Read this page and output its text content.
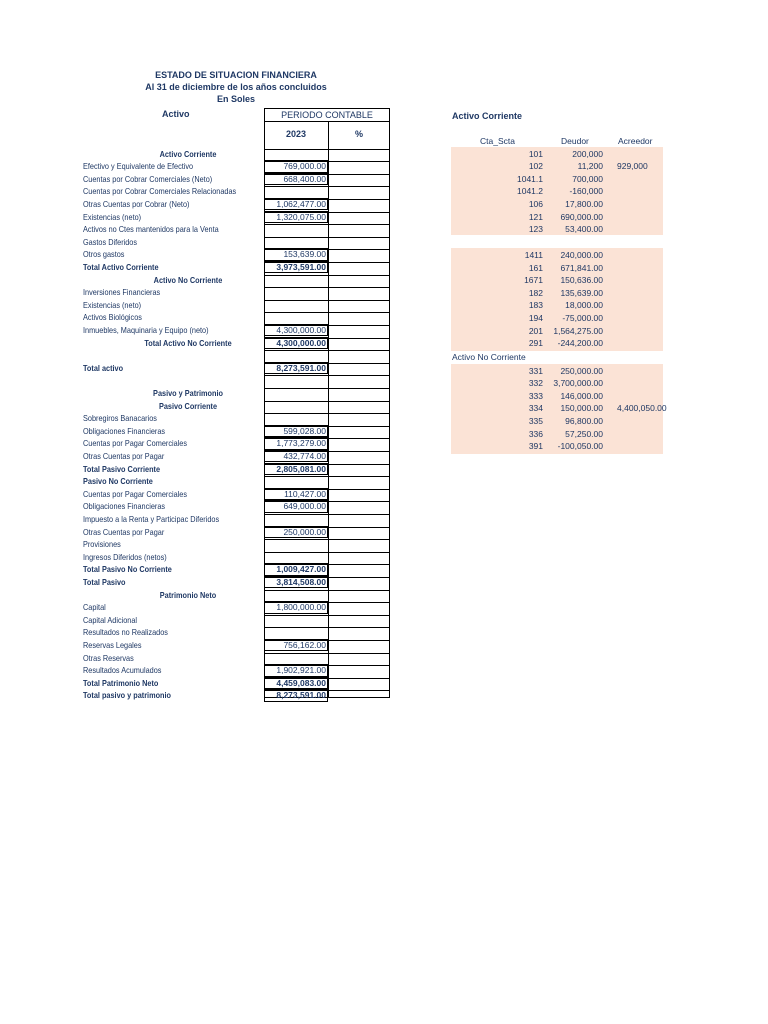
ESTADO DE SITUACION FINANCIERA
Al 31 de diciembre de los años concluidos
En Soles
Activo	PERIODO CONTABLE
2023	%
Activo Corriente
Efectivo y Equivalente de Efectivo	769,000.00
Cuentas por Cobrar Comerciales (Neto)	668,400.00
Cuentas por Cobrar Comerciales Relacionadas
Otras Cuentas por Cobrar (Neto)	1,062,477.00
Existencias (neto)	1,320,075.00
Activos no Ctes mantenidos para la Venta
Gastos Diferidos
Otros gastos	153,639.00
Total Activo Corriente	3,973,591.00
Activo No Corriente
Inversiones Financieras
Existencias (neto)
Activos Biológicos
Inmuebles, Maquinaria y Equipo (neto)	4,300,000.00
Total Activo No Corriente	4,300,000.00
Total activo	8,273,591.00
Pasivo y Patrimonio
Pasivo Corriente
Sobregiros Banacarios
Obligaciones Financieras	599,028.00
Cuentas por Pagar Comerciales	1,773,279.00
Otras Cuentas por Pagar	432,774.00
Total Pasivo Corriente	2,805,081.00
Pasivo No Corriente
Cuentas por Pagar Comerciales	110,427.00
Obligaciones Financieras	649,000.00
Impuesto a la Renta y Participac Diferidos
Otras Cuentas por Pagar	250,000.00
Provisiones
Ingresos Diferidos (netos)
Total Pasivo No Corriente	1,009,427.00
Total Pasivo	3,814,508.00
Patrimonio Neto
Capital	1,800,000.00
Capital Adicional
Resultados no Realizados
Reservas Legales	756,162.00
Otras Reservas
Resultados Acumulados	1,902,921.00
Total Patrimonio Neto	4,459,083.00
Total pasivo y patrimonio	8,273,591.00
Activo Corriente
Cta_Scta	Deudor	Acreedor
Activo No Corriente
101	200,000
102	11,200	929,000
1041.1	700,000
1041.2	-160,000
106	17,800.00
121	690,000.00
123	53,400.00
1411	240,000.00
161	671,841.00
1671	150,636.00
182	135,639.00
183	18,000.00
194	-75,000.00
201	1,564,275.00
291	-244,200.00
331	250,000.00
332	3,700,000.00
333	146,000.00
334	150,000.00	4,400,050.00
335	96,800.00
336	57,250.00
391	-100,050.00
